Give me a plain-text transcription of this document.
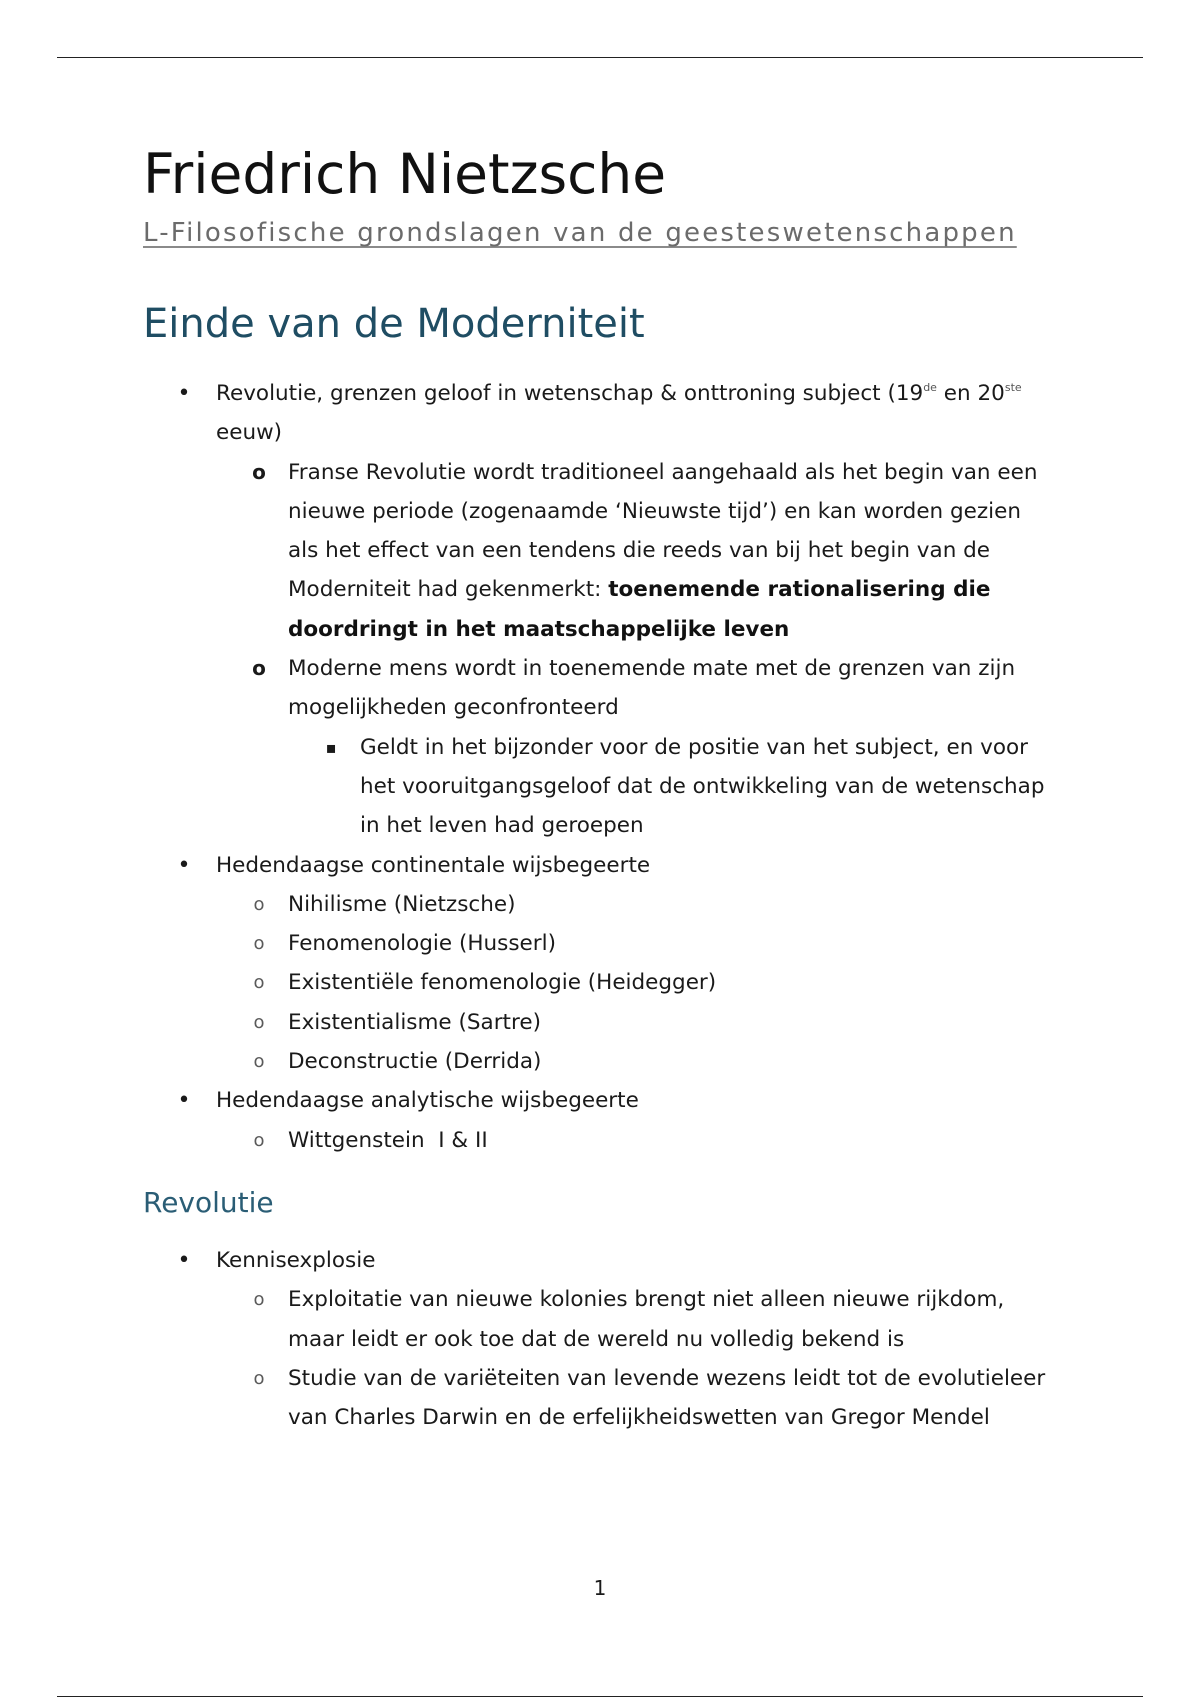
Friedrich Nietzsche
L-Filosofische grondslagen van de geesteswetenschappen
Einde van de Moderniteit
• Revolutie, grenzen geloof in wetenschap & onttroning subject (19de en 20ste eeuw)
o Franse Revolutie wordt traditioneel aangehaald als het begin van een nieuwe periode (zogenaamde ‘Nieuwste tijd’) en kan worden gezien als het effect van een tendens die reeds van bij het begin van de Moderniteit had gekenmerkt: toenemende rationalisering die doordringt in het maatschappelijke leven
o Moderne mens wordt in toenemende mate met de grenzen van zijn mogelijkheden geconfronteerd
▪ Geldt in het bijzonder voor de positie van het subject, en voor het vooruitgangsgeloof dat de ontwikkeling van de wetenschap in het leven had geroepen
• Hedendaagse continentale wijsbegeerte
o Nihilisme (Nietzsche)
o Fenomenologie (Husserl)
o Existentiële fenomenologie (Heidegger)
o Existentialisme (Sartre)
o Deconstructie (Derrida)
• Hedendaagse analytische wijsbegeerte
o Wittgenstein  I & II
Revolutie
• Kennisexplosie
o Exploitatie van nieuwe kolonies brengt niet alleen nieuwe rijkdom, maar leidt er ook toe dat de wereld nu volledig bekend is
o Studie van de variëteiten van levende wezens leidt tot de evolutieleer van Charles Darwin en de erfelijkheidswetten van Gregor Mendel
1
